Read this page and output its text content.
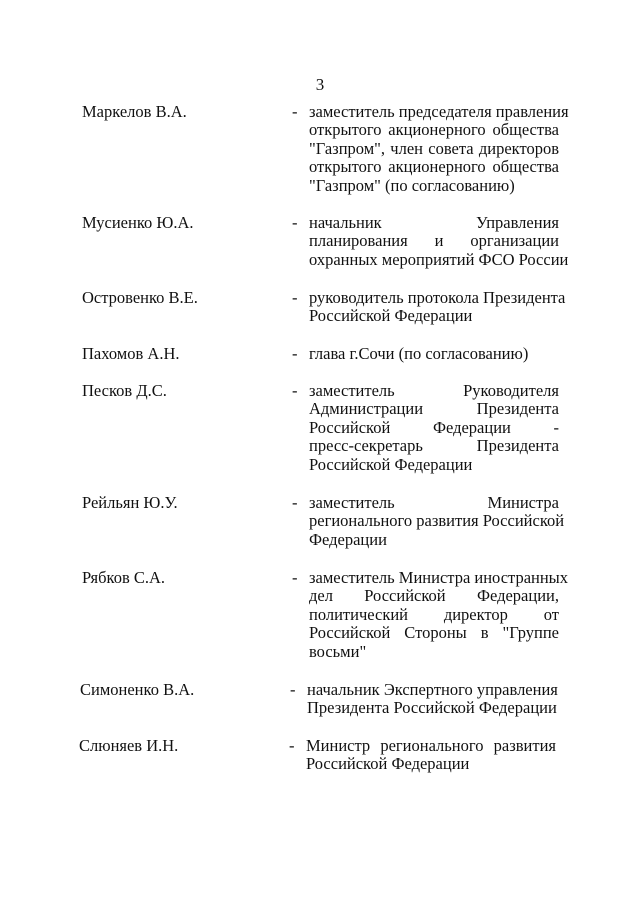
3
Маркелов В.А.	- заместитель председателя правления
открытого акционерного общества
"Газпром", член совета директоров
открытого акционерного общества
"Газпром" (по согласованию)
Мусиенко Ю.А.	- начальник Управления
планирования и организации
охранных мероприятий ФСО России
Островенко В.Е.	- руководитель протокола Президента
Российской Федерации
Пахомов А.Н.	- глава г.Сочи (по согласованию)
Песков Д.С.	- заместитель Руководителя
Администрации Президента
Российской Федерации -
пресс-секретарь Президента
Российской Федерации
Рейльян Ю.У.	- заместитель Министра
регионального развития Российской
Федерации
Рябков С.А.	- заместитель Министра иностранных
дел Российской Федерации,
политический директор от
Российской Стороны в "Группе
восьми"
Симоненко В.А.	- начальник Экспертного управления
Президента Российской Федерации
Слюняев И.Н.	- Министр регионального развития
Российской Федерации
